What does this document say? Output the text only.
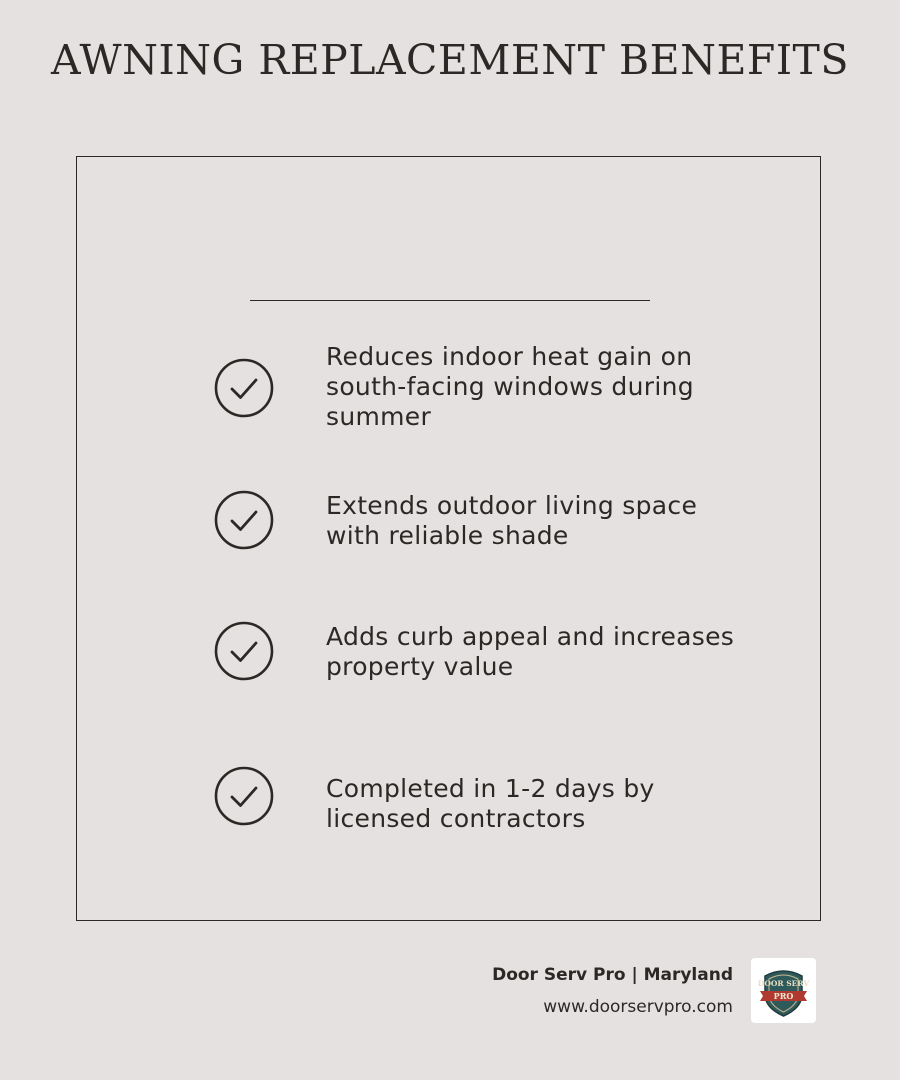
AWNING REPLACEMENT BENEFITS
Reduces indoor heat gain on south-facing windows during summer
Extends outdoor living space with reliable shade
Adds curb appeal and increases property value
Completed in 1-2 days by licensed contractors
Door Serv Pro | Maryland
www.doorservpro.com
DOOR SERV
PRO
